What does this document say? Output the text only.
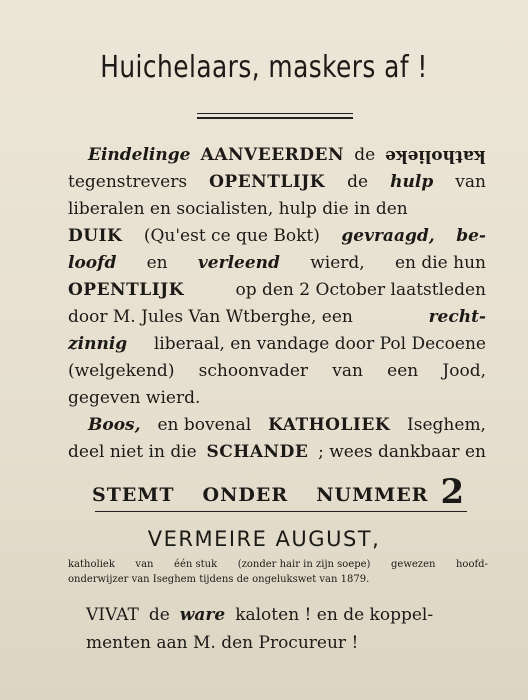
Huichelaars, maskers af !
Eindelinge AANVEERDEN de katholieke
tegenstrevers OPENTLIJK de hulp van
liberalen en socialisten, hulp die in den
DUIK (Qu'est ce que Bokt) gevraagd, be-
loofd en verleend wierd, en die hun
OPENTLIJK	op den 2 October laatstleden
door M. Jules Van Wtberghe, een	recht-
zinnig liberaal, en vandage door Pol Decoene
(welgekend) schoonvader van een Jood,
gegeven wierd.
Boos, en bovenal KATHOLIEK Iseghem,
deel niet in die SCHANDE ; wees dankbaar en
STEMT ONDER NUMMER 2
VERMEIRE AUGUST,
katholiek van één stuk (zonder hair in zijn soepe) gewezen hoofd-
onderwijzer van Iseghem tijdens de ongelukswet van 1879.
VIVAT de ware kaloten ! en de koppel-
menten aan M. den Procureur !
